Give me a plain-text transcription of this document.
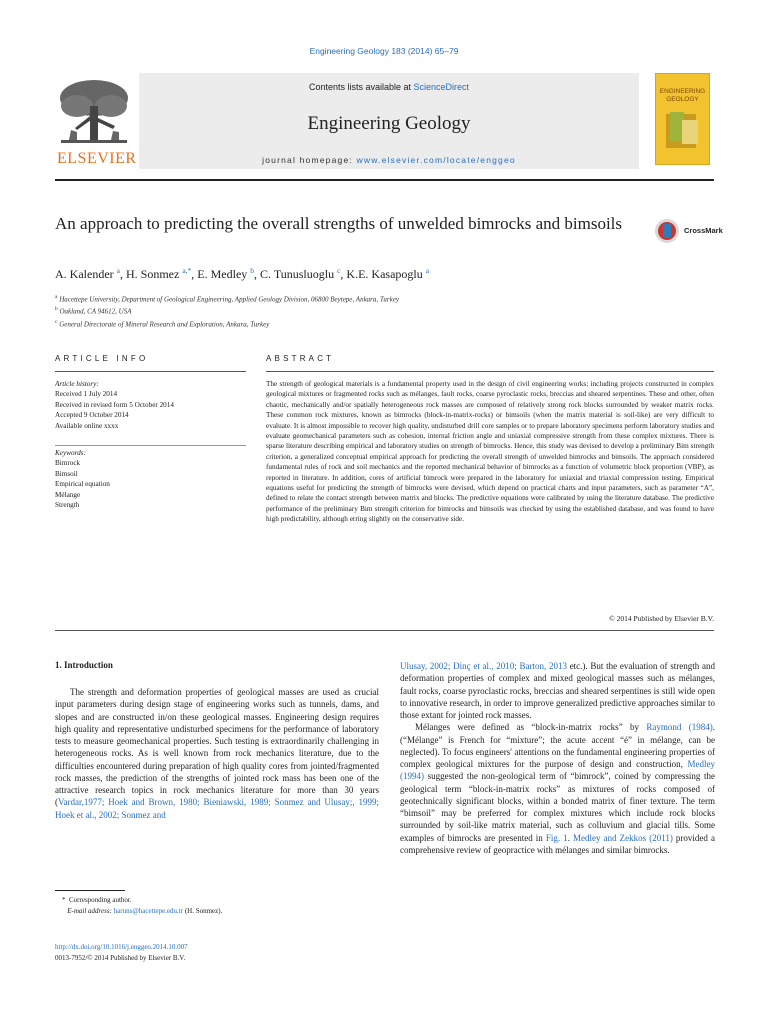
Engineering Geology 183 (2014) 65–79
ELSEVIER
Contents lists available at ScienceDirect
Engineering Geology
journal homepage: www.elsevier.com/locate/enggeo
ENGINEERING
GEOLOGY
An approach to predicting the overall strengths of unwelded bimrocks and bimsoils	CrossMark
A. Kalender $^a$, H. Sonmez $^{a,*}$, E. Medley $^b$, C. Tunusluoglu $^c$, K.E. Kasapoglu $^a$
$^a$ Hacettepe University, Department of Geological Engineering, Applied Geology Division, 06800 Beytepe, Ankara, Turkey
$^b$ Oakland, CA 94612, USA
$^c$ General Directorate of Mineral Research and Exploration, Ankara, Turkey
ARTICLE INFO	ABSTRACT
Article history:
Received 1 July 2014
Received in revised form 5 October 2014
Accepted 9 October 2014
Available online xxxx
Keywords:
Bimrock
Bimsoil
Empirical equation
Mélange
Strength
The strength of geological materials is a fundamental property used in the design of civil engineering works; including projects constructed in complex geological mixtures or fragmented rocks such as mélanges, fault rocks, coarse pyroclastic rocks, breccias and sheared serpentines. These and other, often chaotic, mechanically and/or spatially heterogeneous rock masses are composed of relatively strong rock blocks surrounded by weaker matrix rocks. These common rock mixtures, known as bimrocks (block-in-matrix-rocks) or bimsoils (when the matrix material is soil-like) are very difficult to evaluate. It is almost impossible to recover high quality, undisturbed drill core samples or to prepare laboratory specimens perform laboratory studies and evaluate geomechanical parameters such as cohesion, internal friction angle and uniaxial compressive strength from these complex mixtures. There is sparse literature describing empirical and laboratory studies on strength of bimrocks. Hence, this study was devised to develop a preliminary Bim strength criterion, a generalized conceptual empirical approach for predicting the overall strength of unwelded bimrocks and bimsoils. The approach considered fundamental rules of rock and soil mechanics and the reported mechanical behavior of bimrocks as a function of volumetric block proportion (VBP), as reported in literature. In addition, cores of artificial bimrock were prepared in the laboratory for uniaxial and triaxial compression testing. Empirical equations useful for predicting the strength of bimrocks were devised, which depend on practical charts and input parameters, such as parameter “A”, defined to relate the contact strength between matrix and blocks. The predictive equations were calibrated by using the literature database. The predictive performance of the preliminary Bim strength criterion for bimrocks and bimsoils was checked by using the established database, and was found to have high predictability, although erring slightly on the conservative side.
© 2014 Published by Elsevier B.V.
1. Introduction

The strength and deformation properties of geological masses are used as crucial input parameters during design stage of engineering works such as tunnels, dams, and slopes and are constructed in/on these geological masses. Engineering design requires high quality and representative undisturbed specimens for the performance of laboratory tests to measure geomechanical properties. Such testing is extraordinarily challenging in heterogeneous rocks. As is well known from rock mechanics literature, due to the difficulties encountered during preparation of high quality cores from jointed/fragmented rock masses, the prediction of the strengths of jointed rock mass has been one of the attractive research topics in rock mechanics literature for more than 30 years (Vardar,1977; Hoek and Brown, 1980; Bieniawski, 1989; Sonmez and Ulusay;, 1999; Hoek et al., 2002; Sonmez and

Ulusay, 2002; Dinç et al., 2010; Barton, 2013 etc.). But the evaluation of strength and deformation properties of complex and mixed geological masses such as mélanges, fault rocks, coarse pyroclastic rocks, breccias and sheared serpentines is still wide open to innovative research, in order to improve generalized predictive approaches similar to those extant for jointed rock masses.

Mélanges were defined as “block-in-matrix rocks” by Raymond (1984). (“Mélange” is French for “mixture”; the acute accent “é” in mélange, can be neglected). To focus engineers' attentions on the fundamental engineering properties of complex geological mixtures for the purpose of design and construction, Medley (1994) suggested the non-geological term of “bimrock”, coined by compressing the geological term “block-in-matrix rocks” as mixtures of rocks composed of geotechnically significant blocks, within a bonded matrix of finer texture. The term “bimsoil” may be preferred for complex mixtures which include rock blocks surrounded by soil-like matrix material, such as colluvium and glacial tills. Some examples of bimrocks are presented in Fig. 1. Medley and Zekkos (2011) provided a comprehensive review of geopractice with mélanges and similar bimrocks.

* Corresponding author.
E-mail address: haruns@hacettepe.edu.tr (H. Sonmez).
http://dx.doi.org/10.1016/j.enggeo.2014.10.007
0013-7952/© 2014 Published by Elsevier B.V.
